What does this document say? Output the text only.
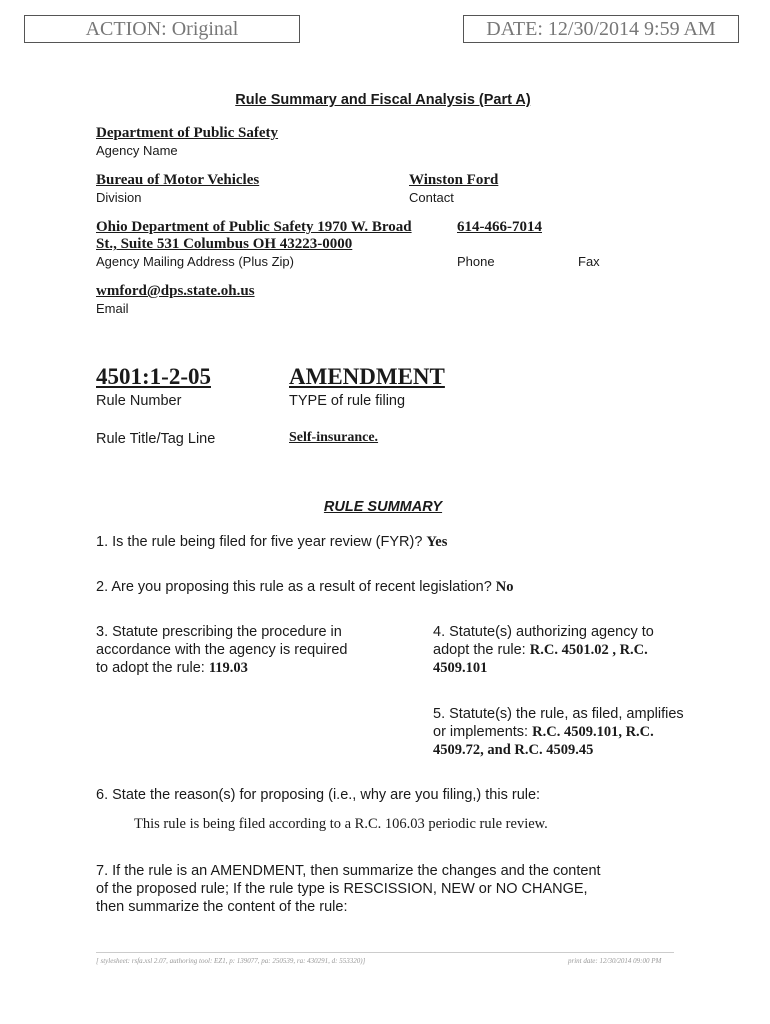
ACTION: Original	DATE: 12/30/2014 9:59 AM
Rule Summary and Fiscal Analysis (Part A)
Department of Public Safety
Agency Name
Bureau of Motor Vehicles
Division
Winston Ford
Contact
Ohio Department of Public Safety 1970 W. Broad
St., Suite 531 Columbus OH 43223-0000
Agency Mailing Address (Plus Zip)
614-466-7014
Phone	Fax
wmford@dps.state.oh.us
Email
4501:1-2-05
Rule Number
AMENDMENT
TYPE of rule filing
Rule Title/Tag Line	Self-insurance.
RULE SUMMARY
1. Is the rule being filed for five year review (FYR)? Yes
2. Are you proposing this rule as a result of recent legislation? No
3. Statute prescribing the procedure in
accordance with the agency is required
to adopt the rule: 119.03
4. Statute(s) authorizing agency to
adopt the rule: R.C. 4501.02 , R.C.
4509.101
5. Statute(s) the rule, as filed, amplifies
or implements: R.C. 4509.101, R.C.
4509.72, and R.C. 4509.45
6. State the reason(s) for proposing (i.e., why are you filing,) this rule:
This rule is being filed according to a R.C. 106.03 periodic rule review.
7. If the rule is an AMENDMENT, then summarize the changes and the content
of the proposed rule; If the rule type is RESCISSION, NEW or NO CHANGE,
then summarize the content of the rule:
[ stylesheet: rsfa.xsl 2.07, authoring tool: EZ1, p: 139077, pa: 250539, ra: 430291, d: 553320)]	print date: 12/30/2014 09:00 PM
